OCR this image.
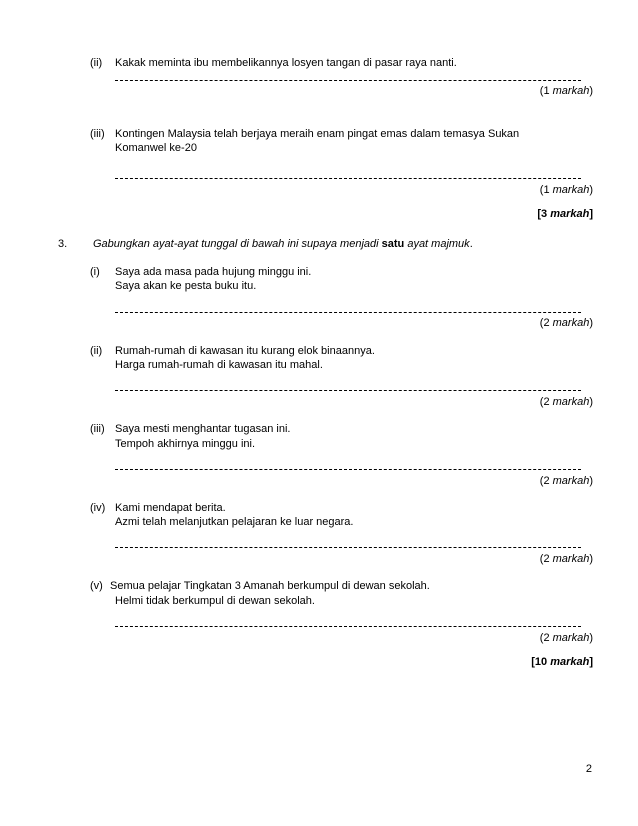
(ii) Kakak meminta ibu membelikannya losyen tangan di pasar raya nanti.
(1 markah)
(iii) Kontingen Malaysia telah berjaya meraih enam pingat emas dalam temasya Sukan
Komanwel ke-20
(1 markah)
[3 markah]
3. Gabungkan ayat-ayat tunggal di bawah ini supaya menjadi satu ayat majmuk.
(i) Saya ada masa pada hujung minggu ini.
Saya akan ke pesta buku itu.
(2 markah)
(ii) Rumah-rumah di kawasan itu kurang elok binaannya.
Harga rumah-rumah di kawasan itu mahal.
(2 markah)
(iii) Saya mesti menghantar tugasan ini.
Tempoh akhirnya minggu ini.
(2 markah)
(iv) Kami mendapat berita.
Azmi telah melanjutkan pelajaran ke luar negara.
(2 markah)
(v) Semua pelajar Tingkatan 3 Amanah berkumpul di dewan sekolah.
Helmi tidak berkumpul di dewan sekolah.
(2 markah)
[10 markah]
2
